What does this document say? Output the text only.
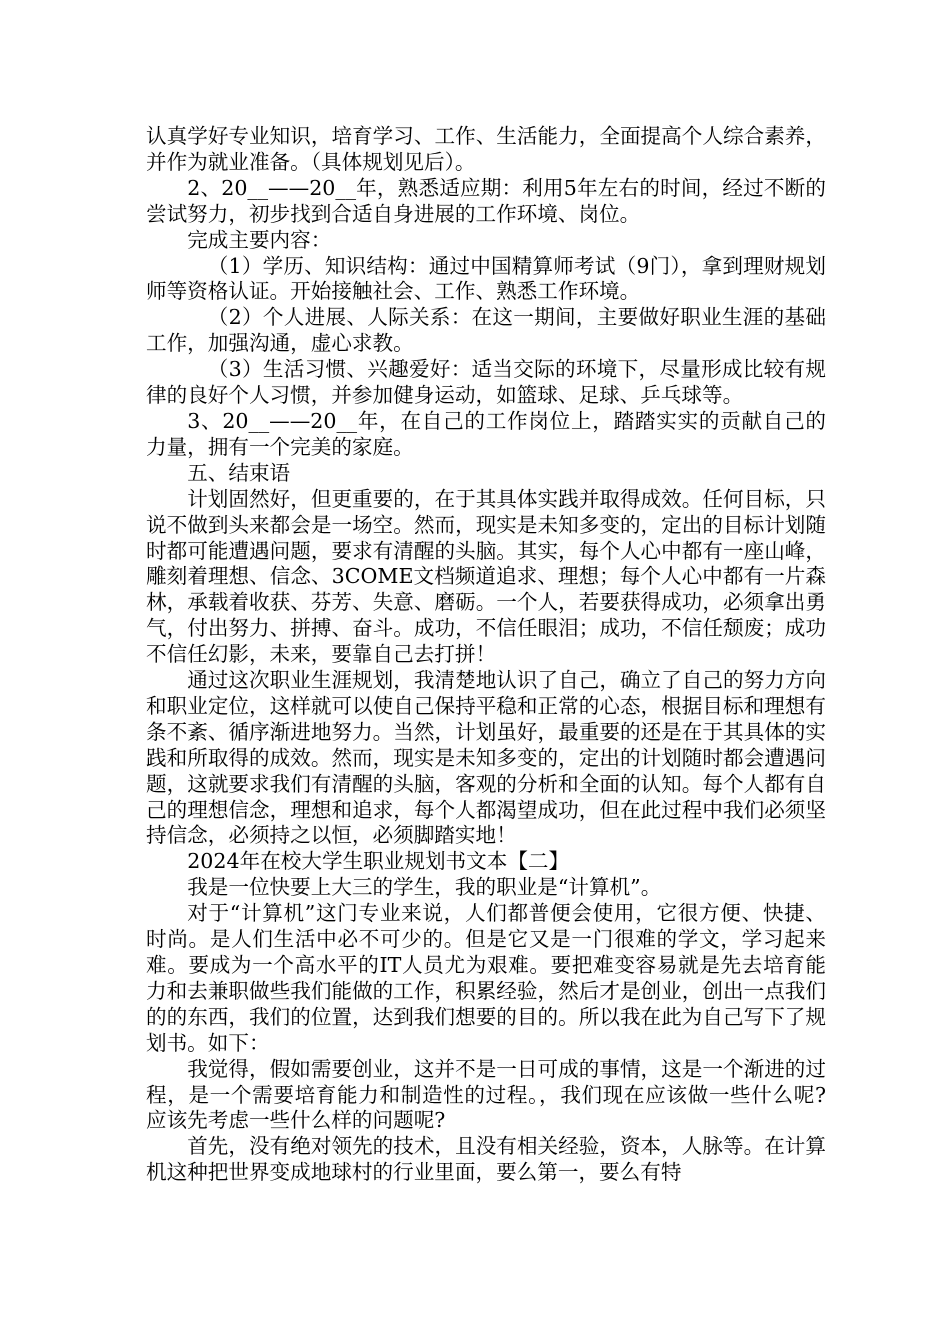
认真学好专业知识，培育学习、工作、生活能力，全面提高个人综合素养，并作为就业准备。（具体规划见后）。

2、20__——20__年，熟悉适应期：利用5年左右的时间，经过不断的尝试努力，初步找到合适自身进展的工作环境、岗位。

完成主要内容：

（1）学历、知识结构：通过中国精算师考试（9门），拿到理财规划师等资格认证。开始接触社会、工作、熟悉工作环境。

（2）个人进展、人际关系：在这一期间，主要做好职业生涯的基础工作，加强沟通，虚心求教。

（3）生活习惯、兴趣爱好：适当交际的环境下，尽量形成比较有规律的良好个人习惯，并参加健身运动，如篮球、足球、乒乓球等。

3、20__——20__年，在自己的工作岗位上，踏踏实实的贡献自己的力量，拥有一个完美的家庭。

五、结束语

计划固然好，但更重要的，在于其具体实践并取得成效。任何目标，只说不做到头来都会是一场空。然而，现实是未知多变的，定出的目标计划随时都可能遭遇问题，要求有清醒的头脑。其实，每个人心中都有一座山峰，雕刻着理想、信念、3COME文档频道追求、理想；每个人心中都有一片森林，承载着收获、芬芳、失意、磨砺。一个人，若要获得成功，必须拿出勇气，付出努力、拼搏、奋斗。成功，不信任眼泪；成功，不信任颓废；成功不信任幻影，未来，要靠自己去打拼！

通过这次职业生涯规划，我清楚地认识了自己，确立了自己的努力方向和职业定位，这样就可以使自己保持平稳和正常的心态，根据目标和理想有条不紊、循序渐进地努力。当然，计划虽好，最重要的还是在于其具体的实践和所取得的成效。然而，现实是未知多变的，定出的计划随时都会遭遇问题，这就要求我们有清醒的头脑，客观的分析和全面的认知。每个人都有自己的理想信念，理想和追求，每个人都渴望成功，但在此过程中我们必须坚持信念，必须持之以恒，必须脚踏实地！

2024年在校大学生职业规划书文本【二】

我是一位快要上大三的学生，我的职业是“计算机”。

对于“计算机”这门专业来说，人们都普便会使用，它很方便、快捷、时尚。是人们生活中必不可少的。但是它又是一门很难的学文，学习起来难。要成为一个高水平的IT人员尤为艰难。要把难变容易就是先去培育能力和去兼职做些我们能做的工作，积累经验，然后才是创业，创出一点我们的的东西，我们的位置，达到我们想要的目的。所以我在此为自己写下了规划书。如下：

我觉得，假如需要创业，这并不是一日可成的事情，这是一个渐进的过程，是一个需要培育能力和制造性的过程。，我们现在应该做一些什么呢?应该先考虑一些什么样的问题呢?

首先，没有绝对领先的技术，且没有相关经验，资本，人脉等。在计算机这种把世界变成地球村的行业里面，要么第一，要么有特
